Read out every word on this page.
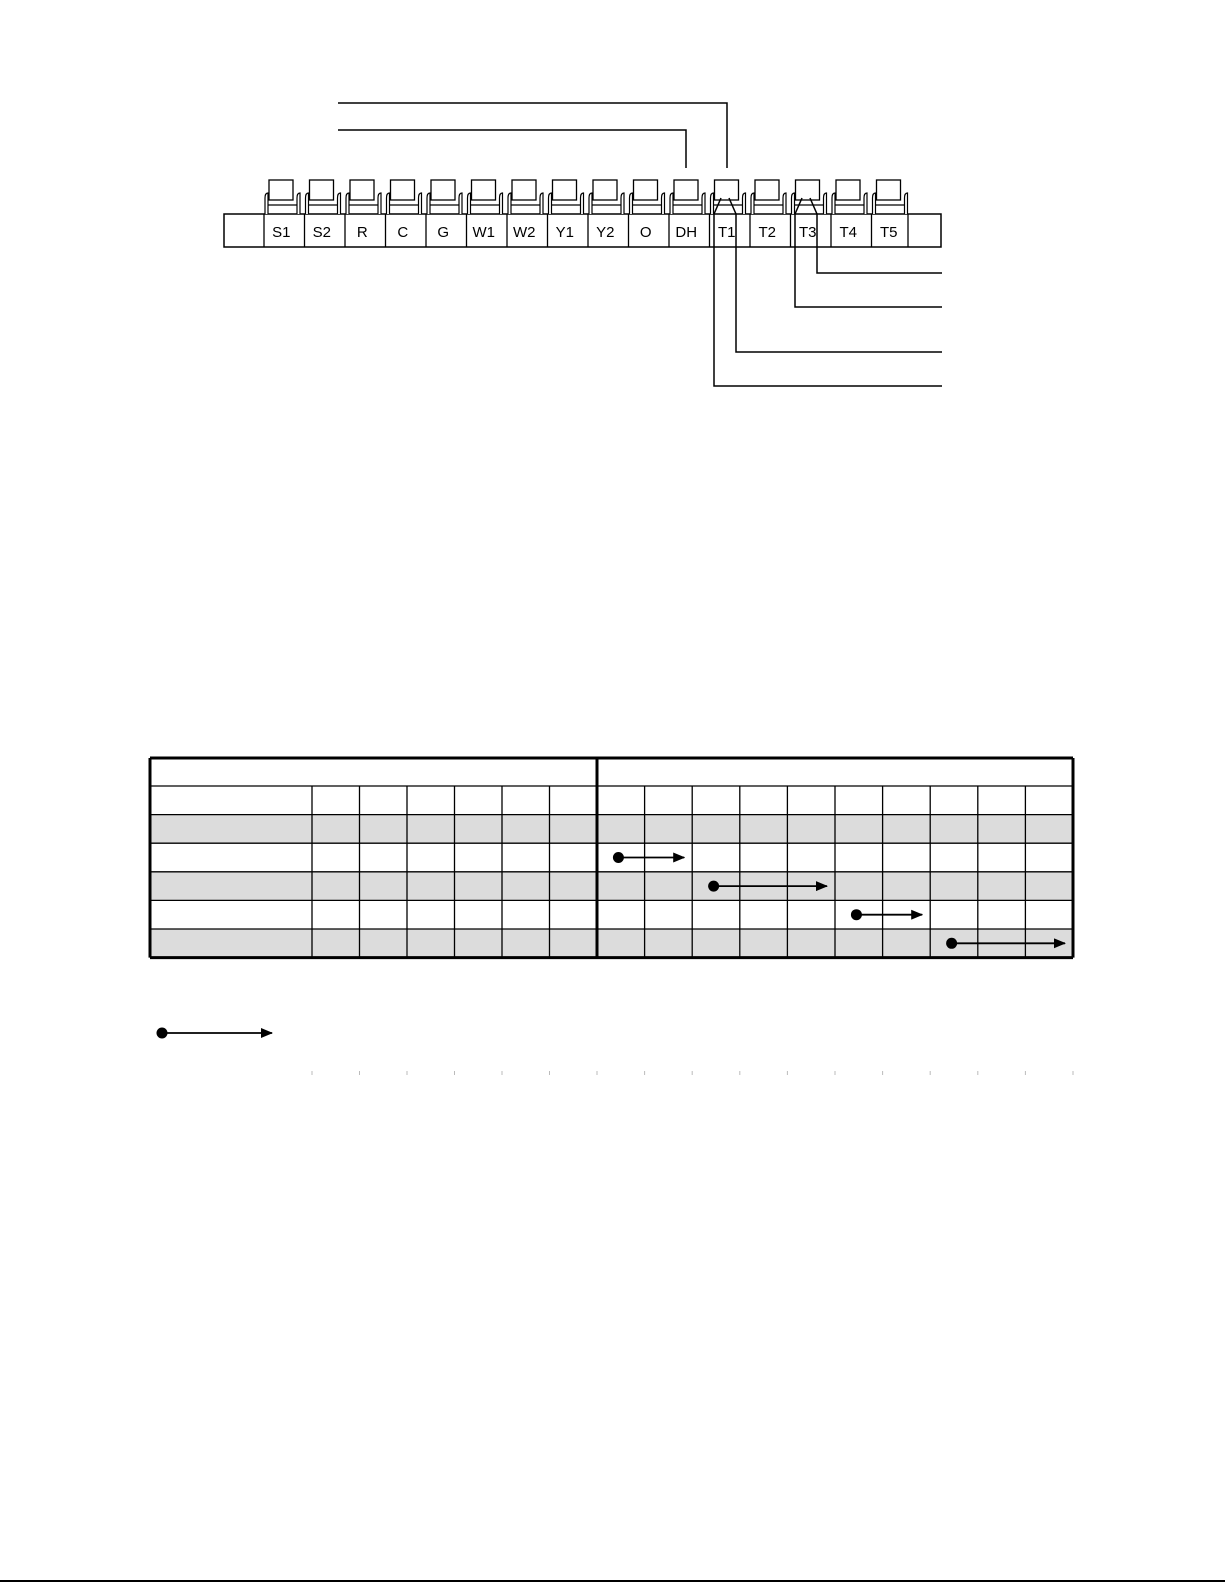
S1 S2 R C G W1 W2 Y1 Y2 O DH T1 T2 T3 T4 T5
